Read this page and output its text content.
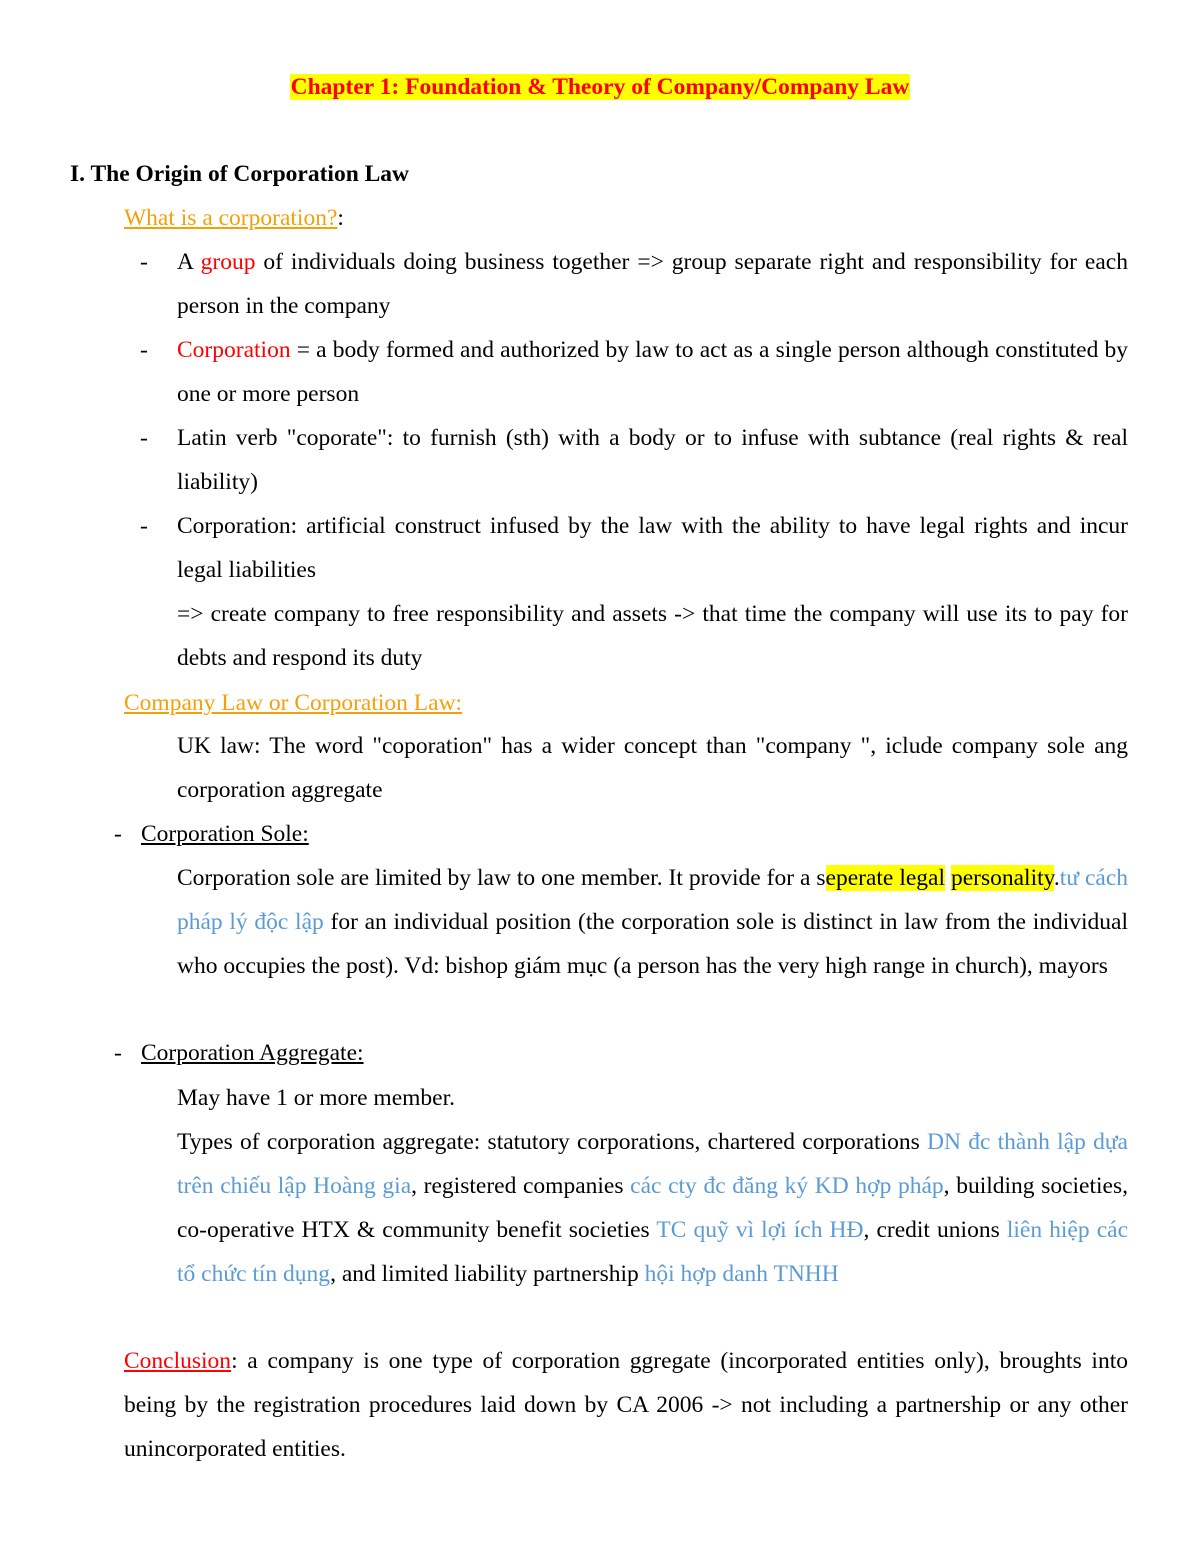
Chapter 1: Foundation & Theory of Company/Company Law
I. The Origin of Corporation Law
What is a corporation?:
- A group of individuals doing business together => group separate right and responsibility for each person in the company
- Corporation = a body formed and authorized by law to act as a single person although constituted by one or more person
- Latin verb "coporate": to furnish (sth) with a body or to infuse with subtance (real rights & real liability)
- Corporation: artificial construct infused by the law with the ability to have legal rights and incur legal liabilities
=> create company to free responsibility and assets -> that time the company will use its to pay for debts and respond its duty
Company Law or Corporation Law:
UK law: The word "coporation" has a wider concept than "company ", iclude company sole ang corporation aggregate
- Corporation Sole:
Corporation sole are limited by law to one member. It provide for a seperate legal personality.tư cách pháp lý độc lập for an individual position (the corporation sole is distinct in law from the individual who occupies the post). Vd: bishop giám mục (a person has the very high range in church), mayors
- Corporation Aggregate:
May have 1 or more member.
Types of corporation aggregate: statutory corporations, chartered corporations DN đc thành lập dựa trên chiếu lập Hoàng gia, registered companies các cty đc đăng ký KD hợp pháp, building societies, co-operative HTX & community benefit societies TC quỹ vì lợi ích HĐ, credit unions liên hiệp các tổ chức tín dụng, and limited liability partnership hội hợp danh TNHH
Conclusion: a company is one type of corporation ggregate (incorporated entities only), broughts into being by the registration procedures laid down by CA 2006 -> not including a partnership or any other unincorporated entities.
